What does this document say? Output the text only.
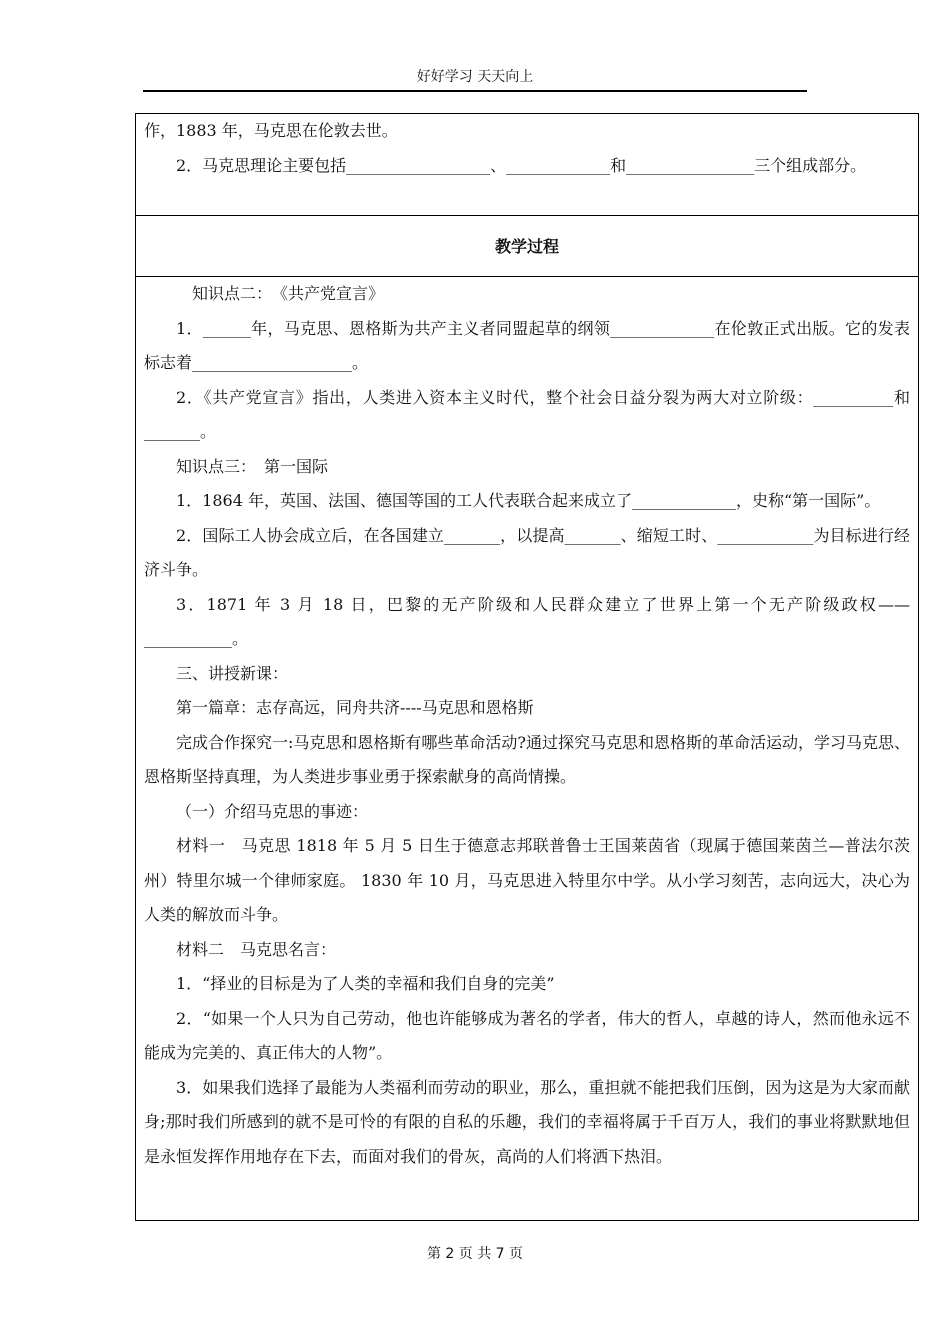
好好学习 天天向上

作，1883 年，马克思在伦敦去世。

2．马克思理论主要包括__________________、_____________和________________三个组成部分。

教学过程

知识点二：　《共产党宣言》

1．______年，马克思、恩格斯为共产主义者同盟起草的纲领_____________在伦敦正式出版。它的发表标志着____________________。

2．《共产党宣言》指出，人类进入资本主义时代，整个社会日益分裂为两大对立阶级：__________和_______。

知识点三：　第一国际

1．1864 年，英国、法国、德国等国的工人代表联合起来成立了_____________，史称“第一国际”。

2．国际工人协会成立后，在各国建立_______，以提高_______、缩短工时、____________为目标进行经济斗争。

3．1871 年 3 月 18 日，巴黎的无产阶级和人民群众建立了世界上第一个无产阶级政权——___________。

三、讲授新课：

第一篇章：志存高远，同舟共济----马克思和恩格斯

完成合作探究一:马克思和恩格斯有哪些革命活动?通过探究马克思和恩格斯的革命活运动，学习马克思、恩格斯坚持真理，为人类进步事业勇于探索献身的高尚情操。

（一）介绍马克思的事迹：

材料一　马克思 1818 年 5 月 5 日生于德意志邦联普鲁士王国莱茵省（现属于德国莱茵兰—普法尔茨州）特里尔城一个律师家庭。 1830 年 10 月，马克思进入特里尔中学。从小学习刻苦，志向远大，决心为人类的解放而斗争。

材料二　马克思名言：

1．“择业的目标是为了人类的幸福和我们自身的完美”

2．“如果一个人只为自己劳动，他也许能够成为著名的学者，伟大的哲人，卓越的诗人，然而他永远不能成为完美的、真正伟大的人物”。

3．如果我们选择了最能为人类福利而劳动的职业，那么，重担就不能把我们压倒，因为这是为大家而献身;那时我们所感到的就不是可怜的有限的自私的乐趣，我们的幸福将属于千百万人，我们的事业将默默地但是永恒发挥作用地存在下去，而面对我们的骨灰，高尚的人们将洒下热泪。

第 2 页 共 7 页
